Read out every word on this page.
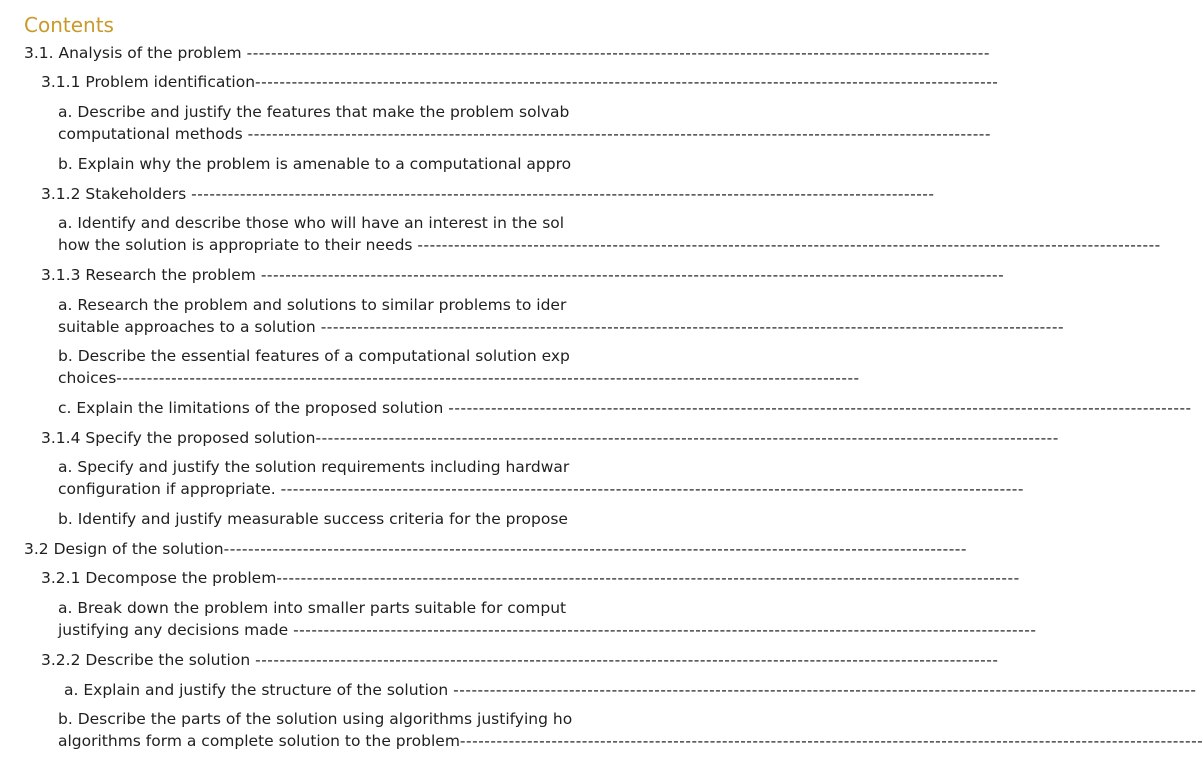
Contents
3.1. Analysis of the problem --------------------------------------------------------------------------------------------------------------------------
3.1.1 Problem identification--------------------------------------------------------------------------------------------------------------------------
a. Describe and justify the features that make the problem solvab
computational methods --------------------------------------------------------------------------------------------------------------------------
b. Explain why the problem is amenable to a computational appro
3.1.2 Stakeholders --------------------------------------------------------------------------------------------------------------------------
a. Identify and describe those who will have an interest in the sol
how the solution is appropriate to their needs --------------------------------------------------------------------------------------------------------------------------
3.1.3 Research the problem --------------------------------------------------------------------------------------------------------------------------
a. Research the problem and solutions to similar problems to ider
suitable approaches to a solution --------------------------------------------------------------------------------------------------------------------------
b. Describe the essential features of a computational solution exp
choices--------------------------------------------------------------------------------------------------------------------------
c. Explain the limitations of the proposed solution --------------------------------------------------------------------------------------------------------------------------
3.1.4 Specify the proposed solution--------------------------------------------------------------------------------------------------------------------------
a. Specify and justify the solution requirements including hardwar
configuration if appropriate. --------------------------------------------------------------------------------------------------------------------------
b. Identify and justify measurable success criteria for the propose
3.2 Design of the solution--------------------------------------------------------------------------------------------------------------------------
3.2.1 Decompose the problem--------------------------------------------------------------------------------------------------------------------------
a. Break down the problem into smaller parts suitable for comput
justifying any decisions made --------------------------------------------------------------------------------------------------------------------------
3.2.2 Describe the solution --------------------------------------------------------------------------------------------------------------------------
a. Explain and justify the structure of the solution --------------------------------------------------------------------------------------------------------------------------
b. Describe the parts of the solution using algorithms justifying ho
algorithms form a complete solution to the problem--------------------------------------------------------------------------------------------------------------------------
